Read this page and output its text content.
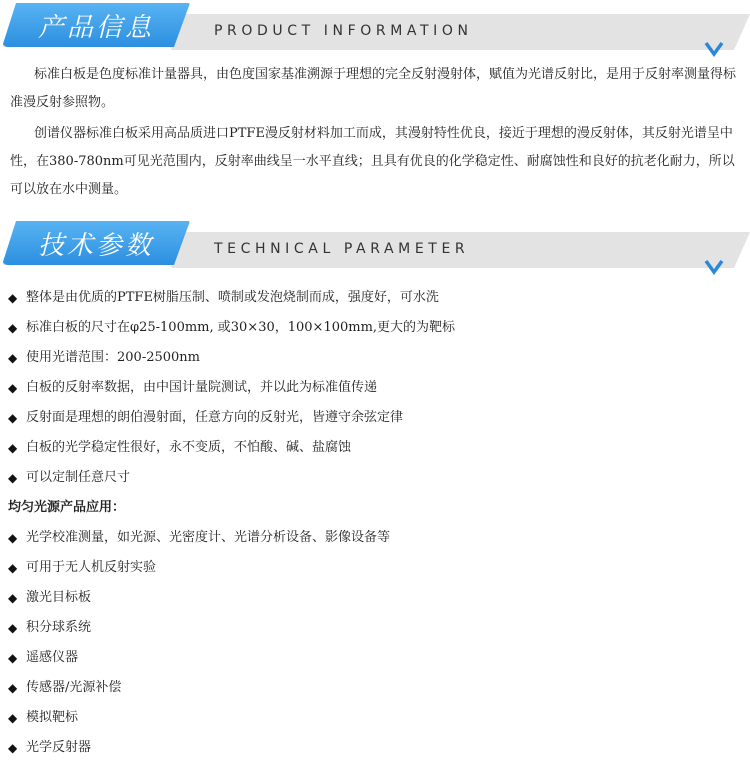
产品信息	PRODUCT INFORMATION

标准白板是色度标准计量器具，由色度国家基准溯源于理想的完全反射漫射体，赋值为光谱反射比，是用于反射率测量得标准漫反射参照物。

创谱仪器标准白板采用高品质进口PTFE漫反射材料加工而成，其漫射特性优良，接近于理想的漫反射体，其反射光谱呈中性，在380-780nm可见光范围内，反射率曲线呈一水平直线；且具有优良的化学稳定性、耐腐蚀性和良好的抗老化耐力，所以可以放在水中测量。

技术参数	TECHNICAL PARAMETER
◆ 整体是由优质的PTFE树脂压制、喷制或发泡烧制而成，强度好，可水洗
◆ 标准白板的尺寸在φ25-100mm, 或30×30，100×100mm,更大的为靶标
◆ 使用光谱范围：200-2500nm
◆ 白板的反射率数据，由中国计量院测试，并以此为标准值传递
◆ 反射面是理想的朗伯漫射面，任意方向的反射光，皆遵守余弦定律
◆ 白板的光学稳定性很好，永不变质，不怕酸、碱、盐腐蚀
◆ 可以定制任意尺寸
均匀光源产品应用：
◆ 光学校准测量，如光源、光密度计、光谱分析设备、影像设备等
◆ 可用于无人机反射实验
◆ 激光目标板
◆ 积分球系统
◆ 遥感仪器
◆ 传感器/光源补偿
◆ 模拟靶标
◆ 光学反射器
